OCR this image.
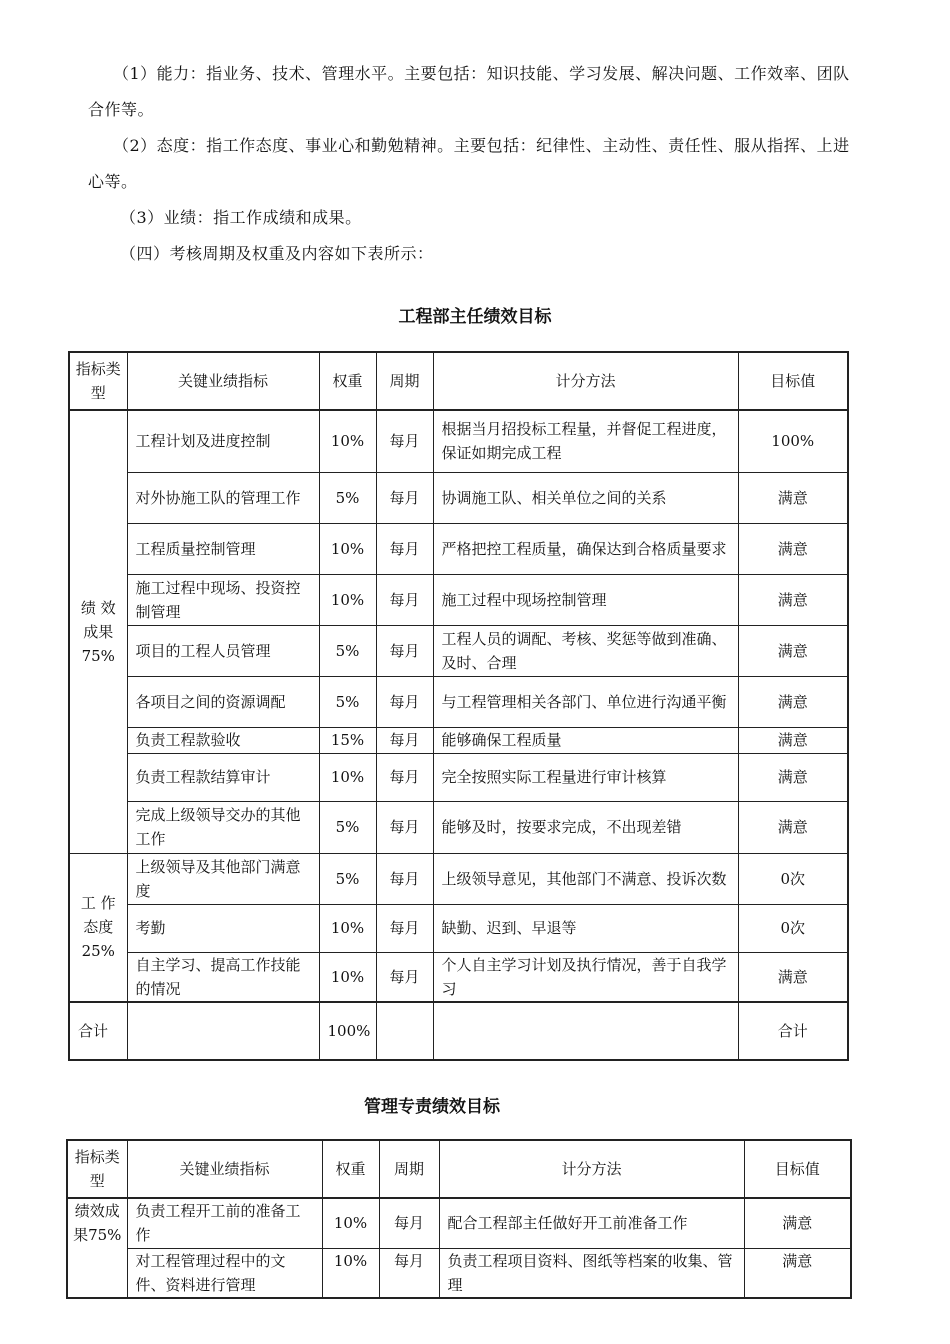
（1）能力：指业务、技术、管理水平。主要包括：知识技能、学习发展、解决问题、工作效率、团队合作等。

（2）态度：指工作态度、事业心和勤勉精神。主要包括：纪律性、主动性、责任性、服从指挥、上进心等。

（3）业绩：指工作成绩和成果。

（四）考核周期及权重及内容如下表所示：

工程部主任绩效目标
指标类型	关键业绩指标	权重	周期	计分方法	目标值
绩 效成果75%	工程计划及进度控制	10%	每月	根据当月招投标工程量，并督促工程进度，保证如期完成工程	100%
	对外协施工队的管理工作	5%	每月	协调施工队、相关单位之间的关系	满意
	工程质量控制管理	10%	每月	严格把控工程质量，确保达到合格质量要求	满意
	施工过程中现场、投资控制管理	10%	每月	施工过程中现场控制管理	满意
	项目的工程人员管理	5%	每月	工程人员的调配、考核、奖惩等做到准确、及时、合理	满意
	各项目之间的资源调配	5%	每月	与工程管理相关各部门、单位进行沟通平衡	满意
	负责工程款验收	15%	每月	能够确保工程质量	满意
	负责工程款结算审计	10%	每月	完全按照实际工程量进行审计核算	满意
	完成上级领导交办的其他工作	5%	每月	能够及时，按要求完成，不出现差错	满意
工 作态度25%	上级领导及其他部门满意度	5%	每月	上级领导意见，其他部门不满意、投诉次数	0次
	考勤	10%	每月	缺勤、迟到、早退等	0次
	自主学习、提高工作技能的情况	10%	每月	个人自主学习计划及执行情况，善于自我学习	满意
合计		100%			合计
管理专责绩效目标
指标类型	关键业绩指标	权重	周期	计分方法	目标值
绩效成果75%	负责工程开工前的准备工作	10%	每月	配合工程部主任做好开工前准备工作	满意
	对工程管理过程中的文件、资料进行管理	10%	每月	负责工程项目资料、图纸等档案的收集、管理	满意
